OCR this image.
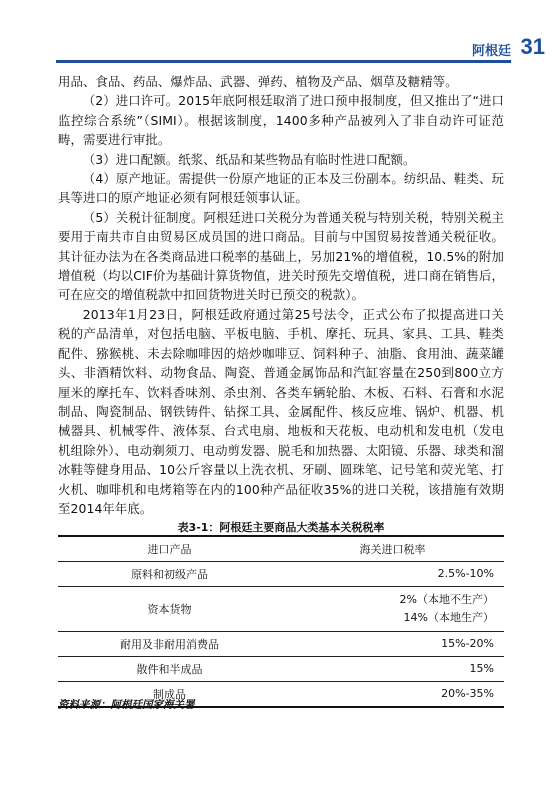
阿根廷 31

用品、食品、药品、爆炸品、武器、弹药、植物及产品、烟草及糖精等。

（2）进口许可。2015年底阿根廷取消了进口预申报制度，但又推出了“进口监控综合系统”（SIMI）。根据该制度，1400多种产品被列入了非自动许可证范畴，需要进行审批。

（3）进口配额。纸浆、纸品和某些物品有临时性进口配额。

（4）原产地证。需提供一份原产地证的正本及三份副本。纺织品、鞋类、玩具等进口的原产地证必须有阿根廷领事认证。

（5）关税计征制度。阿根廷进口关税分为普通关税与特别关税，特别关税主要用于南共市自由贸易区成员国的进口商品。目前与中国贸易按普通关税征收。其计征办法为在各类商品进口税率的基础上，另加21%的增值税，10.5%的附加增值税（均以CIF价为基础计算货物值，进关时预先交增值税，进口商在销售后，可在应交的增值税款中扣回货物进关时已预交的税款）。

2013年1月23日，阿根廷政府通过第25号法令，正式公布了拟提高进口关税的产品清单，对包括电脑、平板电脑、手机、摩托、玩具、家具、工具、鞋类配件、猕猴桃、未去除咖啡因的焙炒咖啡豆、饲料种子、油脂、食用油、蔬菜罐头、非酒精饮料、动物食品、陶瓷、普通金属饰品和汽缸容量在250到800立方厘米的摩托车、饮料香味剂、杀虫剂、各类车辆轮胎、木板、石料、石膏和水泥制品、陶瓷制品、钢铁铸件、钻探工具、金属配件、核反应堆、锅炉、机器、机械器具、机械零件、液体泵、台式电扇、地板和天花板、电动机和发电机（发电机组除外）、电动剃须刀、电动剪发器、脱毛和加热器、太阳镜、乐器、球类和溜冰鞋等健身用品、10公斤容量以上洗衣机、牙刷、圆珠笔、记号笔和荧光笔、打火机、咖啡机和电烤箱等在内的100种产品征收35%的进口关税，该措施有效期至2014年年底。

表3-1：阿根廷主要商品大类基本关税税率
进口产品	海关进口税率
原料和初级产品	2.5%-10%

资本货物	2%（本地不生产）
14%（本地生产）

耐用及非耐用消费品	15%-20%

散件和半成品	15%

制成品	20%-35%
资料来源：阿根廷国家海关署
